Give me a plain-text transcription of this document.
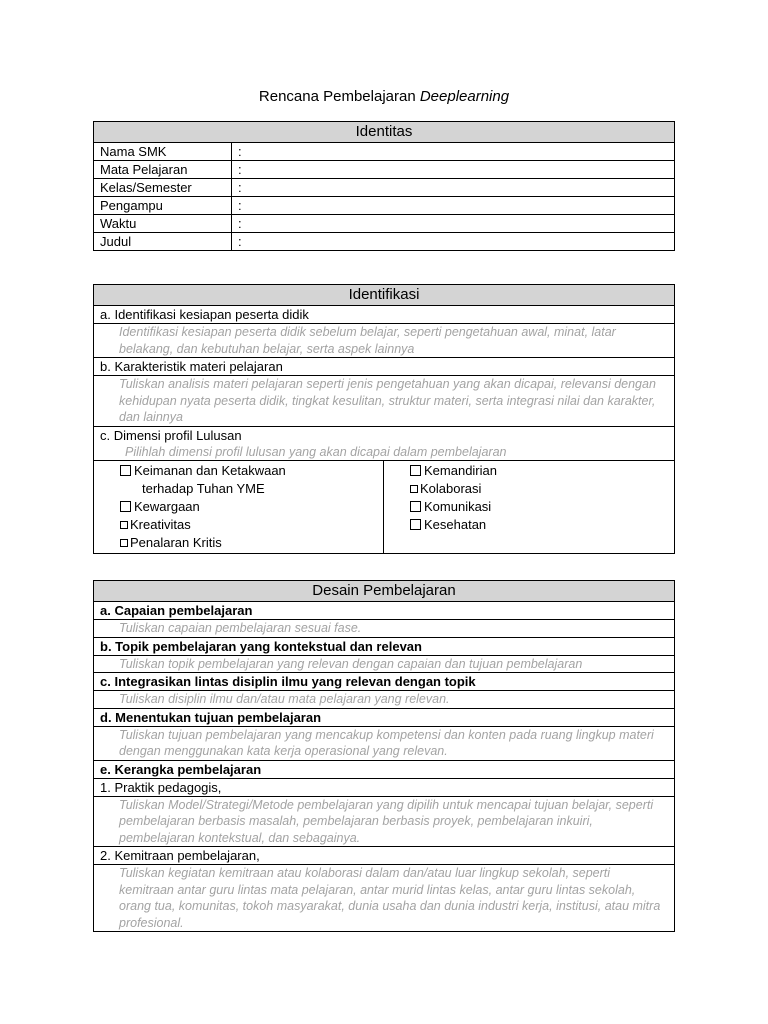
Rencana Pembelajaran Deeplearning
Identitas	
Nama SMK	:
Mata Pelajaran	:
Kelas/Semester	:
Pengampu	:
Waktu	:
Judul	:
Identifikasi
a. Identifikasi kesiapan peserta didik
Identifikasi kesiapan peserta didik sebelum belajar, seperti pengetahuan awal, minat, latar belakang, dan kebutuhan belajar, serta aspek lainnya
b. Karakteristik materi pelajaran
Tuliskan analisis materi pelajaran seperti jenis pengetahuan yang akan dicapai, relevansi dengan kehidupan nyata peserta didik, tingkat kesulitan, struktur materi, serta integrasi nilai dan karakter, dan lainnya

c. Dimensi profil Lulusan
Pilihlah dimensi profil lulusan yang akan dicapai dalam pembelajaran

Keimanan dan Ketakwaan
terhadap Tuhan YME
Kewargaan
Kreativitas
Penalaran Kritis

Kemandirian
Kolaborasi
Komunikasi
Kesehatan
Desain Pembelajaran
a. Capaian pembelajaran
Tuliskan capaian pembelajaran sesuai fase.
b. Topik pembelajaran yang kontekstual dan relevan
Tuliskan topik pembelajaran yang relevan dengan capaian dan tujuan pembelajaran
c. Integrasikan lintas disiplin ilmu yang relevan dengan topik
Tuliskan disiplin ilmu dan/atau mata pelajaran yang relevan.
d. Menentukan tujuan pembelajaran
Tuliskan tujuan pembelajaran yang mencakup kompetensi dan konten pada ruang lingkup materi dengan menggunakan kata kerja operasional yang relevan.
e. Kerangka pembelajaran
1. Praktik pedagogis,
Tuliskan Model/Strategi/Metode pembelajaran yang dipilih untuk mencapai tujuan belajar, seperti pembelajaran berbasis masalah, pembelajaran berbasis proyek, pembelajaran inkuiri, pembelajaran kontekstual, dan sebagainya.
2. Kemitraan pembelajaran,
Tuliskan kegiatan kemitraan atau kolaborasi dalam dan/atau luar lingkup sekolah, seperti kemitraan antar guru lintas mata pelajaran, antar murid lintas kelas, antar guru lintas sekolah, orang tua, komunitas, tokoh masyarakat, dunia usaha dan dunia industri kerja, institusi, atau mitra profesional.
